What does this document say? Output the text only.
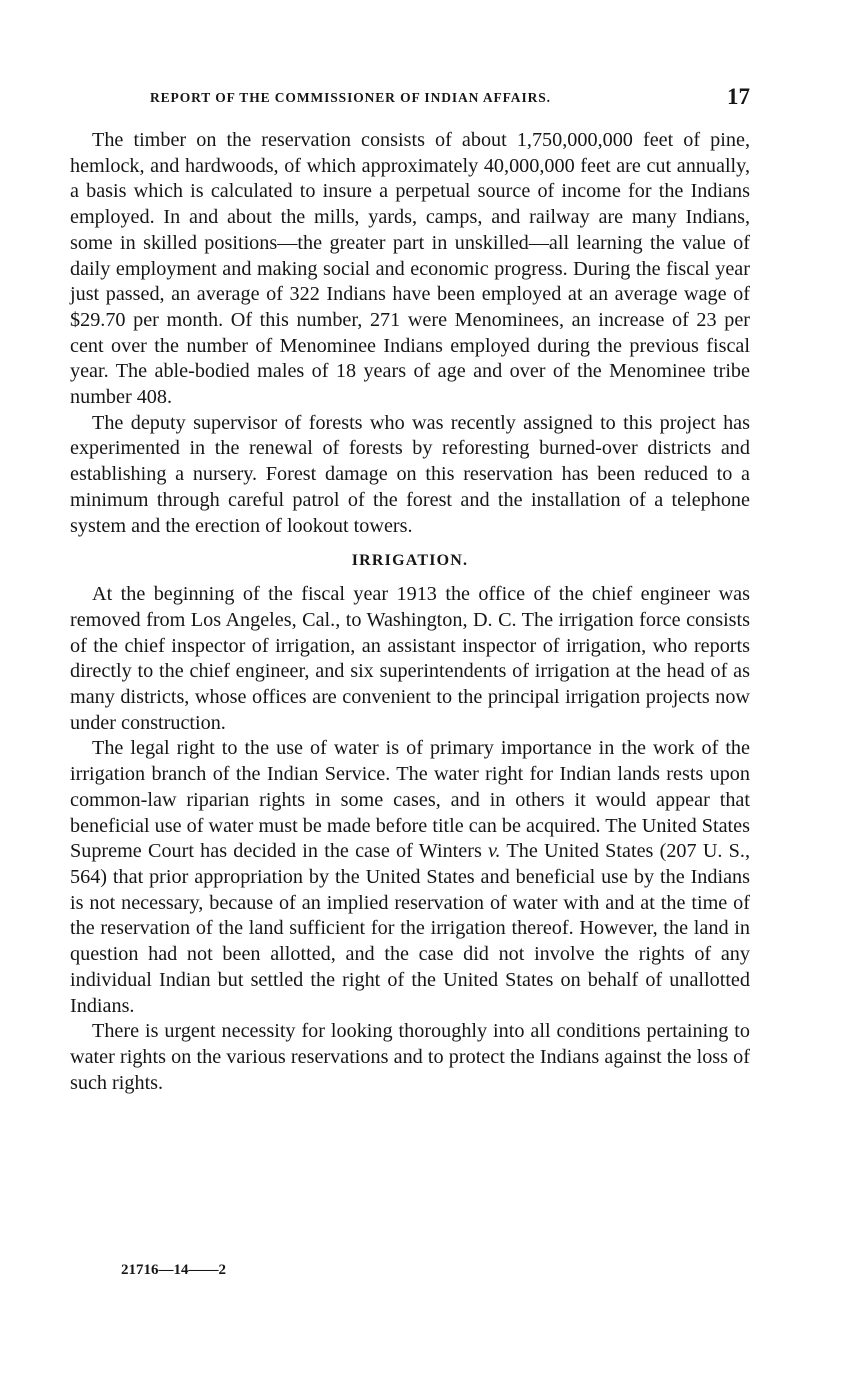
REPORT OF THE COMMISSIONER OF INDIAN AFFAIRS.	17

The timber on the reservation consists of about 1,750,000,000 feet of pine, hemlock, and hardwoods, of which approximately 40,000,000 feet are cut annually, a basis which is calculated to insure a perpetual source of income for the Indians employed. In and about the mills, yards, camps, and railway are many Indians, some in skilled positions—the greater part in unskilled—all learning the value of daily employment and making social and economic progress. During the fiscal year just passed, an average of 322 Indians have been employed at an average wage of $29.70 per month. Of this number, 271 were Menominees, an increase of 23 per cent over the number of Menominee Indians employed during the previous fiscal year. The able-bodied males of 18 years of age and over of the Menominee tribe number 408.

The deputy supervisor of forests who was recently assigned to this project has experimented in the renewal of forests by reforesting burned-over districts and establishing a nursery. Forest damage on this reservation has been reduced to a minimum through careful patrol of the forest and the installation of a telephone system and the erection of lookout towers.

IRRIGATION.

At the beginning of the fiscal year 1913 the office of the chief engineer was removed from Los Angeles, Cal., to Washington, D. C. The irrigation force consists of the chief inspector of irrigation, an assistant inspector of irrigation, who reports directly to the chief engineer, and six superintendents of irrigation at the head of as many districts, whose offices are convenient to the principal irrigation projects now under construction.

The legal right to the use of water is of primary importance in the work of the irrigation branch of the Indian Service. The water right for Indian lands rests upon common-law riparian rights in some cases, and in others it would appear that beneficial use of water must be made before title can be acquired. The United States Supreme Court has decided in the case of Winters v. The United States (207 U. S., 564) that prior appropriation by the United States and beneficial use by the Indians is not necessary, because of an implied reservation of water with and at the time of the reservation of the land sufficient for the irrigation thereof. However, the land in question had not been allotted, and the case did not involve the rights of any individual Indian but settled the right of the United States on behalf of unallotted Indians.

There is urgent necessity for looking thoroughly into all conditions pertaining to water rights on the various reservations and to protect the Indians against the loss of such rights.

21716—14——2
